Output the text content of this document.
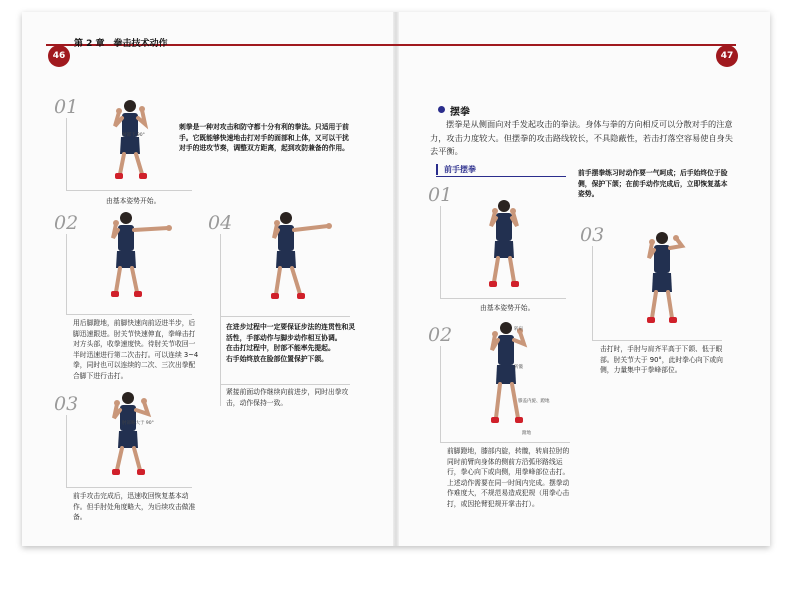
46	47
第 2 章　拳击技术动作
01
肘部下 90°
刺拳是一种对攻击和防守都十分有利的拳法。只适用于前手。它既能够快速地击打对手的面部和上体，又可以干扰对手的进攻节奏，调整双方距离，起到攻防兼备的作用。
由基本姿势开始。
02
用后脚蹬地，前脚快速向前迈进半步，后脚迅速跟进。肘关节快速伸直，拳峰击打对方头部，收拳速度快。待肘关节收回一半时迅速进行第二次击打。可以连续 3~4 拳，同时也可以连续的二次、三次出拳配合脚下进行击打。
04
在进步过程中一定要保证步法的连贯性和灵活性，手部动作与脚步动作相互协调。
在击打过程中，肘部不能率先提起。
右手始终放在脸部位置保护下颌。
紧接前面动作继续向前进步，同时出拳攻击，动作保持一致。
03
肘部略大于 90°
前手攻击完成后，迅速收回恢复基本动作。但手肘处角度略大，为后续攻击做准备。
摆拳
摆拳是从侧面向对手发起攻击的拳法。身体与拳的方向相反可以分散对手的注意力，攻击力度较大。但摆拳的攻击路线较长，不具隐蔽性，若击打落空容易使自身失去平衡。
前手摆拳	前手摆拳练习时动作要一气呵成；后手始终位于脸侧，保护下颌；在前手动作完成后，立即恢复基本姿势。
01
由基本姿势开始。
03
击打时，手肘与肩齐平高于下颌、低于眼部。肘关节大于 90°，此时拳心向下或向侧，力量集中于拳峰部位。
02	转肩
转髋
膝盖内旋、蹬地
蹬地
前脚蹬地，膝部内旋，转髋，转肩拉肘的同时前臂向身体的侧前方沿弧形路线运行，拳心向下或向侧，用拳峰部位击打。上述动作需要在同一时间内完成。摆拳动作难度大，不规范易造成犯规（用拳心击打，或因抡臂犯规开掌击打）。
